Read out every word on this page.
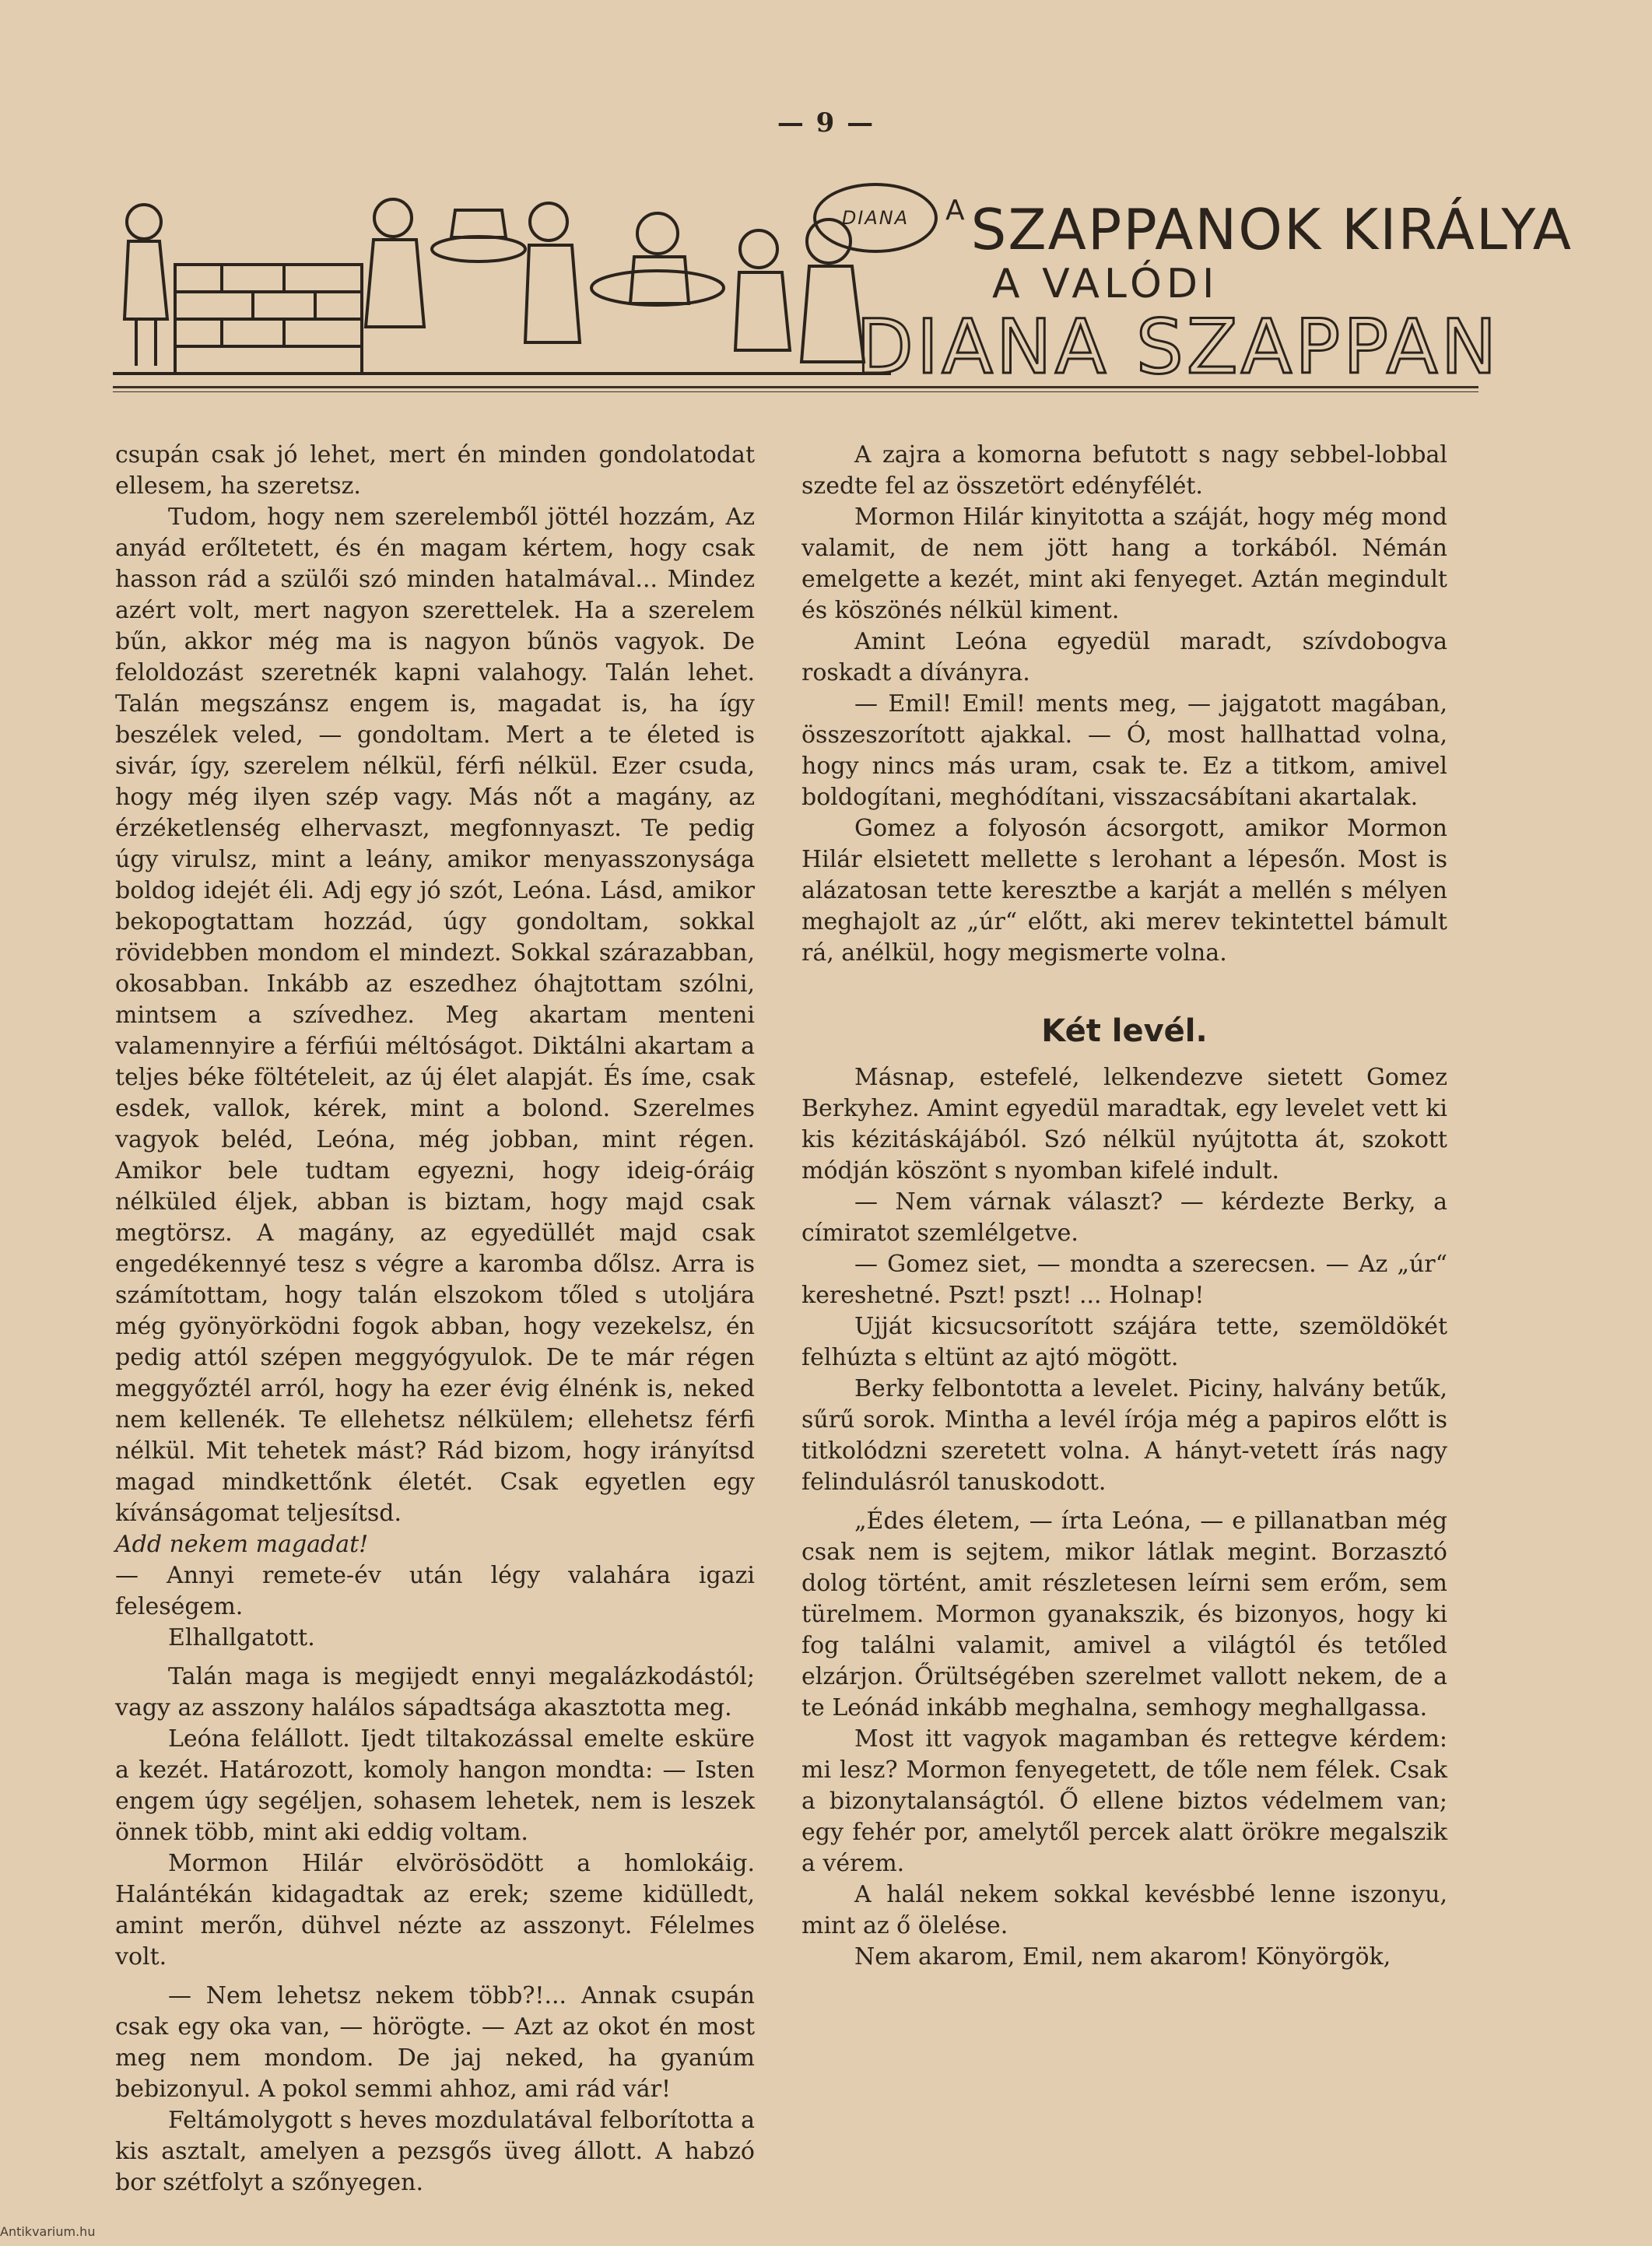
— 9 —
DIANA	$^A$SZAPPANOK KIRÁLYA
A VALÓDI
DIANA SZAPPAN

csupán csak jó lehet, mert én minden gondolatodat ellesem, ha szeretsz.

Tudom, hogy nem szerelemből jöttél hozzám, Az anyád erőltetett, és én magam kértem, hogy csak hasson rád a szülői szó minden hatalmával... Mindez azért volt, mert nagyon szerettelek. Ha a szerelem bűn, akkor még ma is nagyon bűnös vagyok. De feloldozást szeretnék kapni valahogy. Talán lehet. Talán megszánsz engem is, magadat is, ha így beszélek veled, — gondoltam. Mert a te életed is sivár, így, szerelem nélkül, férfi nélkül. Ezer csuda, hogy még ilyen szép vagy. Más nőt a magány, az érzéketlenség elhervaszt, megfonnyaszt. Te pedig úgy virulsz, mint a leány, amikor menyasszonysága boldog idejét éli. Adj egy jó szót, Leóna. Lásd, amikor bekopogtattam hozzád, úgy gondoltam, sokkal rövidebben mondom el mindezt. Sokkal szárazabban, okosabban. Inkább az eszedhez óhajtottam szólni, mintsem a szívedhez. Meg akartam menteni valamennyire a férfiúi méltóságot. Diktálni akartam a teljes béke föltételeit, az új élet alapját. És íme, csak esdek, vallok, kérek, mint a bolond. Szerelmes vagyok beléd, Leóna, még jobban, mint régen. Amikor bele tudtam egyezni, hogy ideig-óráig nélküled éljek, abban is biztam, hogy majd csak megtörsz. A magány, az egyedüllét majd csak engedékennyé tesz s végre a karomba dőlsz. Arra is számítottam, hogy talán elszokom tőled s utoljára még gyönyörködni fogok abban, hogy vezekelsz, én pedig attól szépen meggyógyulok. De te már régen meggyőztél arról, hogy ha ezer évig élnénk is, neked nem kellenék. Te ellehetsz nélkülem; ellehetsz férfi nélkül. Mit tehetek mást? Rád bizom, hogy irányítsd magad mindkettőnk életét. Csak egyetlen egy kívánságomat teljesítsd.

Add nekem magadat!

— Annyi remete-év után légy valahára igazi feleségem.

Elhallgatott.

Talán maga is megijedt ennyi megalázkodástól; vagy az asszony halálos sápadtsága akasztotta meg.

Leóna felállott. Ijedt tiltakozással emelte esküre a kezét. Határozott, komoly hangon mondta: — Isten engem úgy segéljen, sohasem lehetek, nem is leszek önnek több, mint aki eddig voltam.

Mormon Hilár elvörösödött a homlokáig. Halántékán kidagadtak az erek; szeme kidülledt, amint merőn, dühvel nézte az asszonyt. Félelmes volt.

— Nem lehetsz nekem több?!... Annak csupán csak egy oka van, — hörögte. — Azt az okot én most meg nem mondom. De jaj neked, ha gyanúm bebizonyul. A pokol semmi ahhoz, ami rád vár!

Feltámolygott s heves mozdulatával felborította a kis asztalt, amelyen a pezsgős üveg állott. A habzó bor szétfolyt a szőnyegen.

A zajra a komorna befutott s nagy sebbel-lobbal szedte fel az összetört edényfélét.

Mormon Hilár kinyitotta a száját, hogy még mond valamit, de nem jött hang a torkából. Némán emelgette a kezét, mint aki fenyeget. Aztán megindult és köszönés nélkül kiment.

Amint Leóna egyedül maradt, szívdobogva roskadt a díványra.

— Emil! Emil! ments meg, — jajgatott magában, összeszorított ajakkal. — Ó, most hallhattad volna, hogy nincs más uram, csak te. Ez a titkom, amivel boldogítani, meghódítani, visszacsábítani akartalak.

Gomez a folyosón ácsorgott, amikor Mormon Hilár elsietett mellette s lerohant a lépesőn. Most is alázatosan tette keresztbe a karját a mellén s mélyen meghajolt az „úr“ előtt, aki merev tekintettel bámult rá, anélkül, hogy megismerte volna.

Két levél.

Másnap, estefelé, lelkendezve sietett Gomez Berkyhez. Amint egyedül maradtak, egy levelet vett ki kis kézitáskájából. Szó nélkül nyújtotta át, szokott módján köszönt s nyomban kifelé indult.

— Nem várnak választ? — kérdezte Berky, a címiratot szemlélgetve.

— Gomez siet, — mondta a szerecsen. — Az „úr“ kereshetné. Pszt! pszt! ... Holnap!

Ujját kicsucsorított szájára tette, szemöldökét felhúzta s eltünt az ajtó mögött.

Berky felbontotta a levelet. Piciny, halvány betűk, sűrű sorok. Mintha a levél írója még a papiros előtt is titkolódzni szeretett volna. A hányt-vetett írás nagy felindulásról tanuskodott.

„Édes életem, — írta Leóna, — e pillanatban még csak nem is sejtem, mikor látlak megint. Borzasztó dolog történt, amit részletesen leírni sem erőm, sem türelmem. Mormon gyanakszik, és bizonyos, hogy ki fog találni valamit, amivel a világtól és tetőled elzárjon. Őrültségében szerelmet vallott nekem, de a te Leónád inkább meghalna, semhogy meghallgassa.

Most itt vagyok magamban és rettegve kérdem: mi lesz? Mormon fenyegetett, de tőle nem félek. Csak a bizonytalanságtól. Ő ellene biztos védelmem van; egy fehér por, amelytől percek alatt örökre megalszik a vérem.

A halál nekem sokkal kevésbbé lenne iszonyu, mint az ő ölelése.

Nem akarom, Emil, nem akarom! Könyörgök,

Antikvarium.hu
